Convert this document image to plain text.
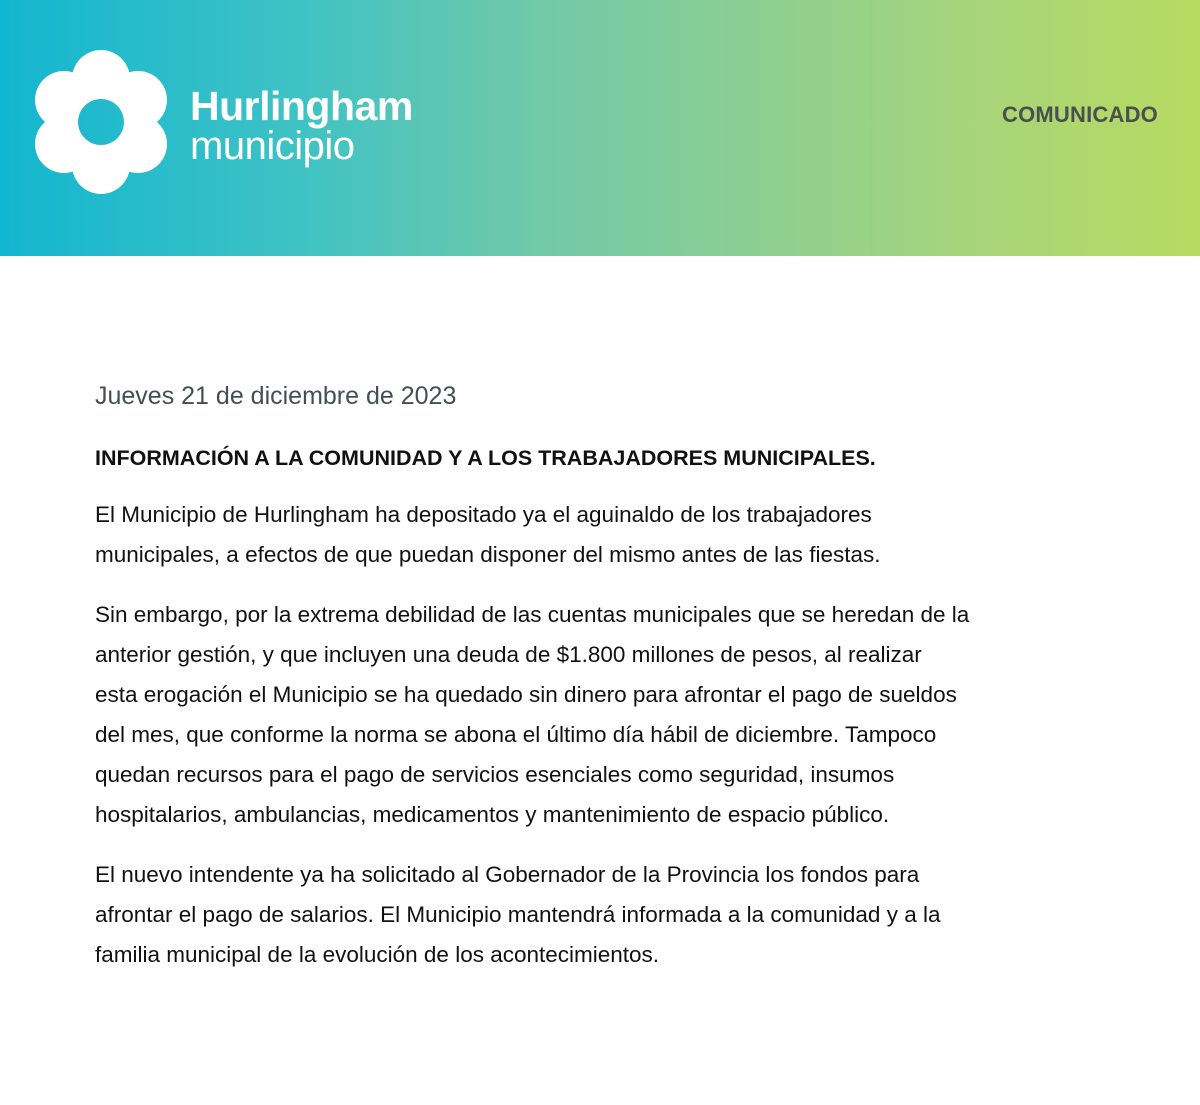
Hurlingham
municipio
COMUNICADO

Jueves 21 de diciembre de 2023

INFORMACIÓN A LA COMUNIDAD Y A LOS TRABAJADORES MUNICIPALES.

El Municipio de Hurlingham ha depositado ya el aguinaldo de los trabajadores
municipales, a efectos de que puedan disponer del mismo antes de las fiestas.

Sin embargo, por la extrema debilidad de las cuentas municipales que se heredan de la
anterior gestión, y que incluyen una deuda de $1.800 millones de pesos, al realizar
esta erogación el Municipio se ha quedado sin dinero para afrontar el pago de sueldos
del mes, que conforme la norma se abona el último día hábil de diciembre. Tampoco
quedan recursos para el pago de servicios esenciales como seguridad, insumos
hospitalarios, ambulancias, medicamentos y mantenimiento de espacio público.

El nuevo intendente ya ha solicitado al Gobernador de la Provincia los fondos para
afrontar el pago de salarios. El Municipio mantendrá informada a la comunidad y a la
familia municipal de la evolución de los acontecimientos.
